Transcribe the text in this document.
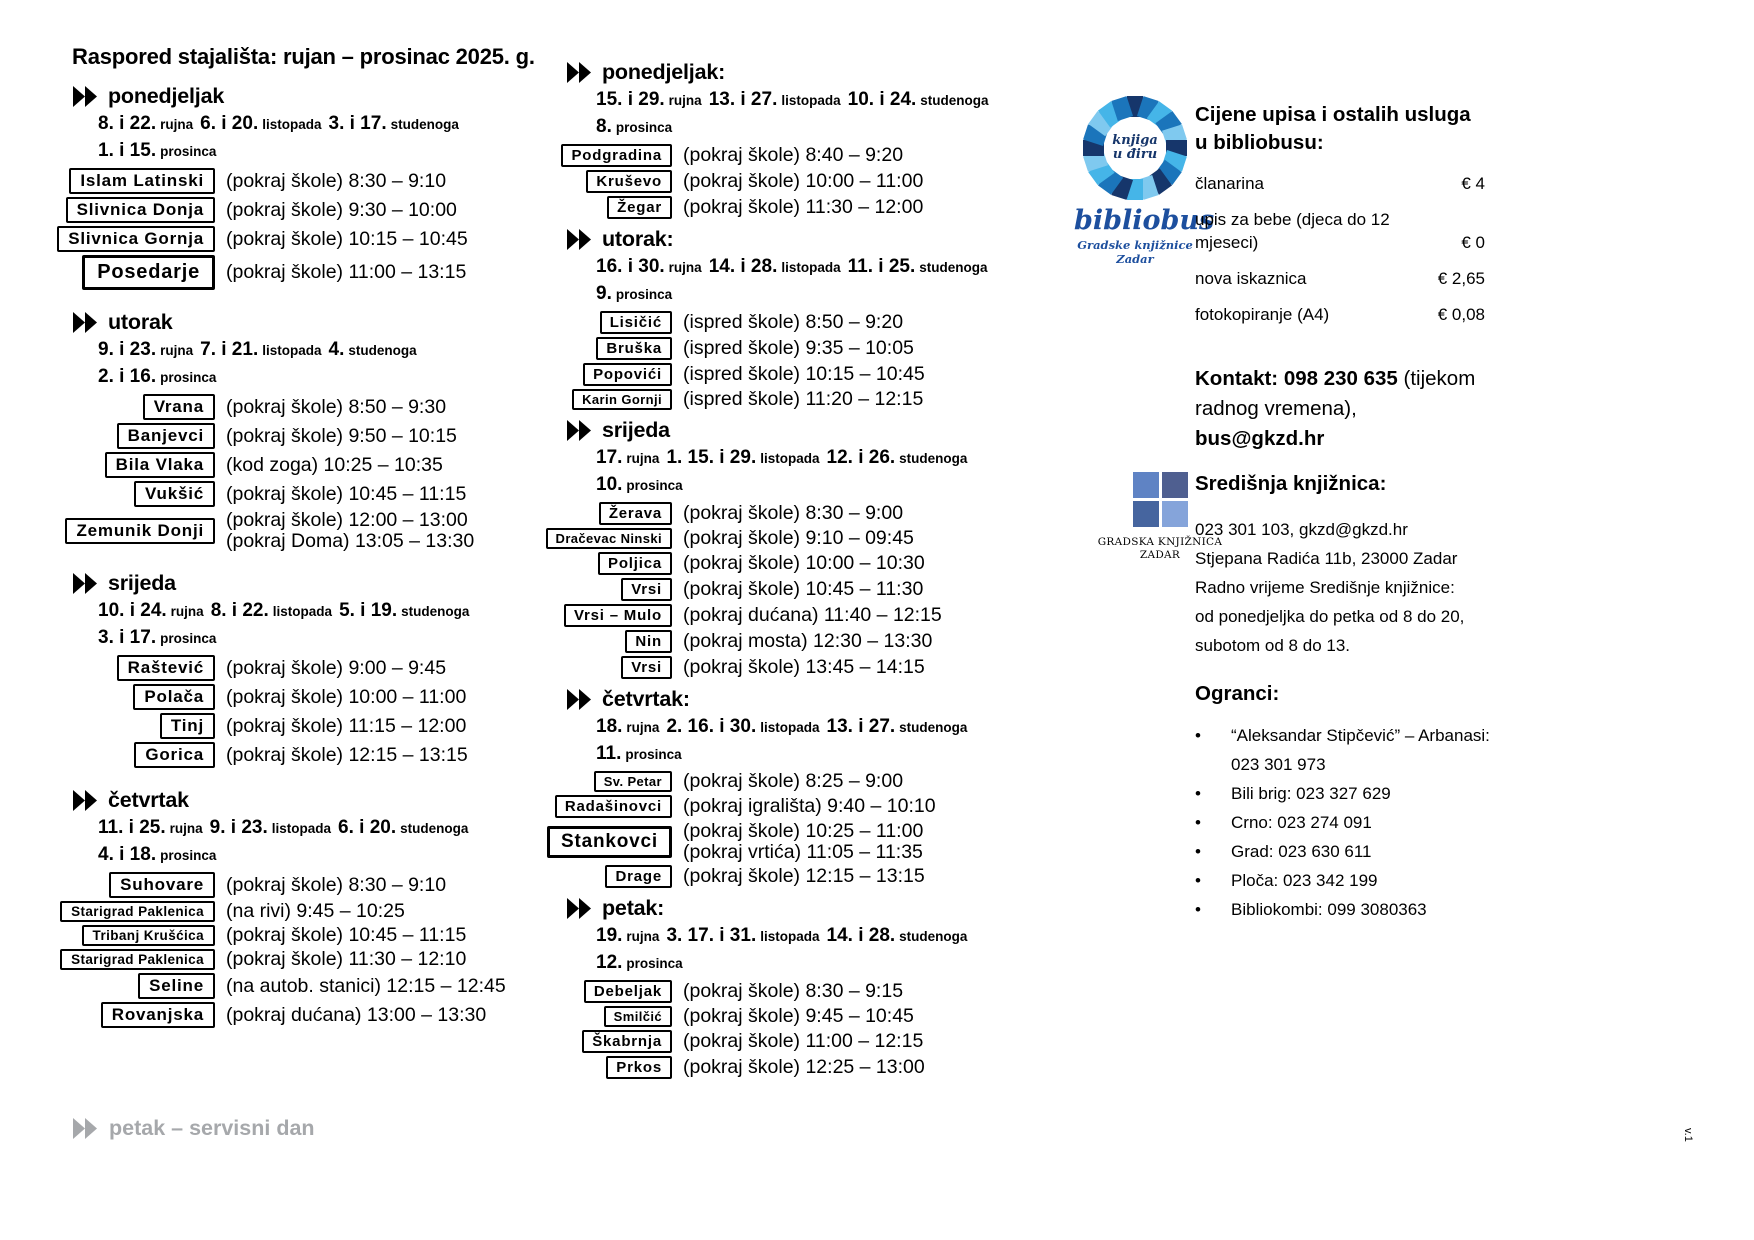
Raspored stajališta: rujan – prosinac 2025. g.
ponedjeljak
8. i 22. rujna 6. i 20. listopada 3. i 17. studenoga
1. i 15. prosinca
Islam Latinski	(pokraj škole) 8:30 – 9:10
Slivnica Donja	(pokraj škole) 9:30 – 10:00
Slivnica Gornja	(pokraj škole) 10:15 – 10:45
Posedarje	(pokraj škole) 11:00 – 13:15
utorak
9. i 23. rujna 7. i 21. listopada 4. studenoga
2. i 16. prosinca
Vrana	(pokraj škole) 8:50 – 9:30
Banjevci	(pokraj škole) 9:50 – 10:15
Bila Vlaka	(kod zoga) 10:25 – 10:35
Vukšić	(pokraj škole) 10:45 – 11:15
Zemunik Donji	(pokraj škole) 12:00 – 13:00
(pokraj Doma) 13:05 – 13:30
srijeda
10. i 24. rujna 8. i 22. listopada 5. i 19. studenoga
3. i 17. prosinca
Raštević	(pokraj škole) 9:00 – 9:45
Polača	(pokraj škole) 10:00 – 11:00
Tinj	(pokraj škole) 11:15 – 12:00
Gorica	(pokraj škole) 12:15 – 13:15
četvrtak
11. i 25. rujna 9. i 23. listopada 6. i 20. studenoga
4. i 18. prosinca
Suhovare	(pokraj škole) 8:30 – 9:10
Starigrad Paklenica	(na rivi) 9:45 – 10:25
Tribanj Krušćica	(pokraj škole) 10:45 – 11:15
Starigrad Paklenica	(pokraj škole) 11:30 – 12:10
Seline	(na autob. stanici) 12:15 – 12:45
Rovanjska	(pokraj dućana) 13:00 – 13:30
petak – servisni dan
ponedjeljak:
15. i 29. rujna 13. i 27. listopada 10. i 24. studenoga
8. prosinca
Podgradina	(pokraj škole) 8:40 – 9:20
Kruševo	(pokraj škole) 10:00 – 11:00
Žegar	(pokraj škole) 11:30 – 12:00
utorak:
16. i 30. rujna 14. i 28. listopada 11. i 25. studenoga
9. prosinca
Lisičić	(ispred škole) 8:50 – 9:20
Bruška	(ispred škole) 9:35 – 10:05
Popovići	(ispred škole) 10:15 – 10:45
Karin Gornji	(ispred škole) 11:20 – 12:15
srijeda
17. rujna 1. 15. i 29. listopada 12. i 26. studenoga
10. prosinca
Žerava	(pokraj škole) 8:30 – 9:00
Dračevac Ninski	(pokraj škole) 9:10 – 09:45
Poljica	(pokraj škole) 10:00 – 10:30
Vrsi	(pokraj škole) 10:45 – 11:30
Vrsi – Mulo	(pokraj dućana) 11:40 – 12:15
Nin	(pokraj mosta) 12:30 – 13:30
Vrsi	(pokraj škole) 13:45 – 14:15
četvrtak:
18. rujna 2. 16. i 30. listopada 13. i 27. studenoga
11. prosinca
Sv. Petar	(pokraj škole) 8:25 – 9:00
Radašinovci	(pokraj igrališta) 9:40 – 10:10
Stankovci	(pokraj škole) 10:25 – 11:00
(pokraj vrtića) 11:05 – 11:35
Drage	(pokraj škole) 12:15 – 13:15
petak:
19. rujna 3. 17. i 31. listopada 14. i 28. studenoga
12. prosinca
Debeljak	(pokraj škole) 8:30 – 9:15
Smilčić	(pokraj škole) 9:45 – 10:45
Škabrnja	(pokraj škole) 11:00 – 12:15
Prkos	(pokraj škole) 12:25 – 13:00
knjiga
u điru
bibliobus
Gradske knjižnice Zadar
Cijene upisa i ostalih usluga u bibliobusu:
članarina	€ 4
upis za bebe (djeca do 12 mjeseci)	€ 0
nova iskaznica	€ 2,65
fotokopiranje (A4)	€ 0,08
Kontakt: 098 230 635 (tijekom radnog vremena),
bus@gkzd.hr
GRADSKA KNJIŽNICA
ZADAR
Središnja knjižnica:
023 301 103, gkzd@gkzd.hr
Stjepana Radića 11b, 23000 Zadar
Radno vrijeme Središnje knjižnice:
od ponedjeljka do petka od 8 do 20,
subotom od 8 do 13.
Ogranci:
•	“Aleksandar Stipčević” – Arbanasi:
023 301 973
•	Bili brig: 023 327 629
•	Crno: 023 274 091
•	Grad: 023 630 611
•	Ploča: 023 342 199
•	Bibliokombi: 099 3080363
v.1
